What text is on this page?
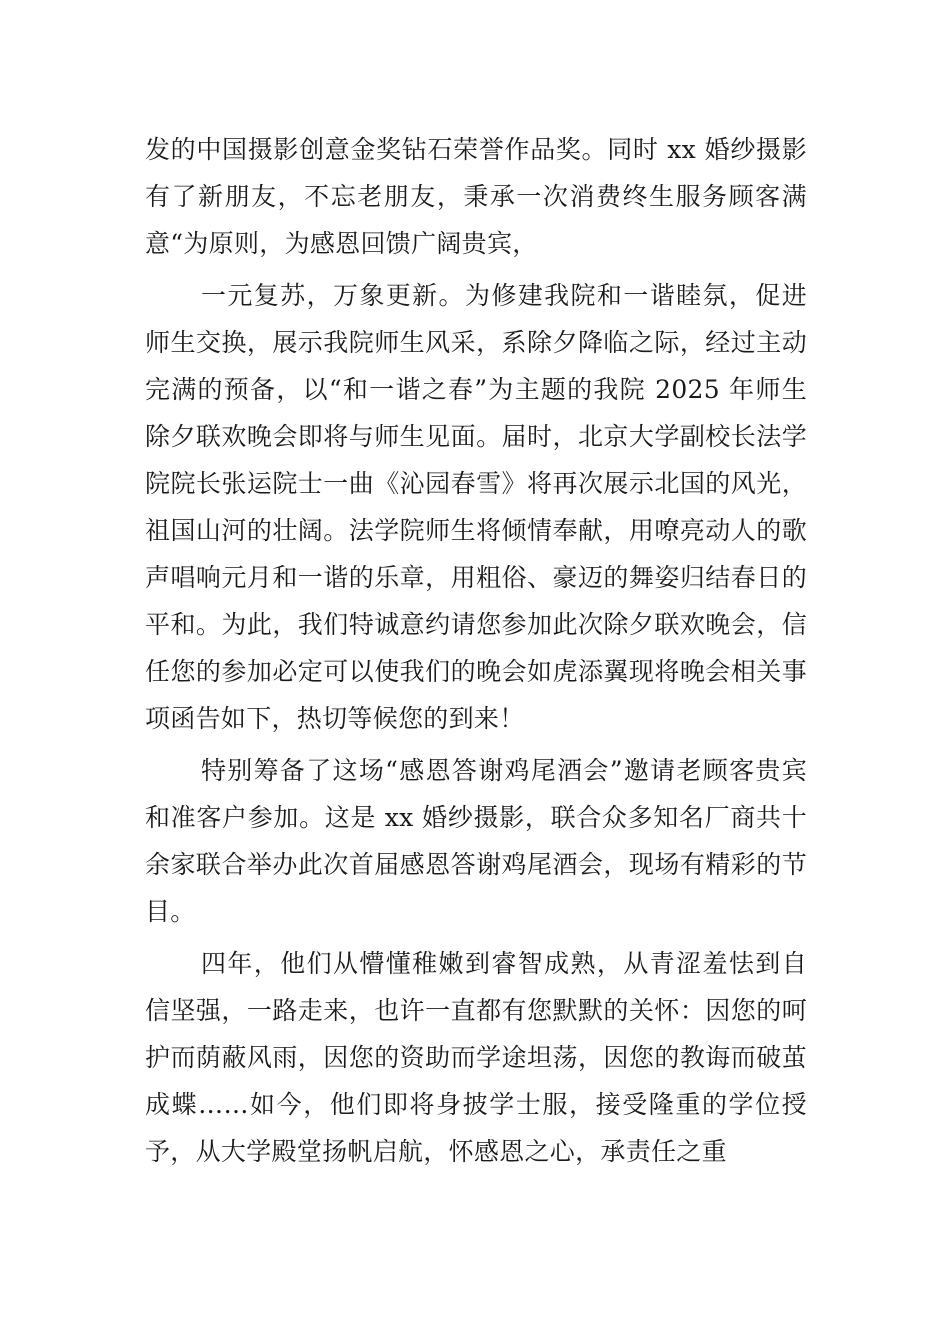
发的中国摄影创意金奖钻石荣誉作品奖。同时 xx 婚纱摄影有了新朋友，不忘老朋友，秉承一次消费终生服务顾客满意“为原则，为感恩回馈广阔贵宾，

一元复苏，万象更新。为修建我院和一谐睦氛，促进师生交换，展示我院师生风采，系除夕降临之际，经过主动完满的预备，以“和一谐之春”为主题的我院 2025 年师生除夕联欢晚会即将与师生见面。届时，北京大学副校长法学院院长张运院士一曲《沁园春雪》将再次展示北国的风光，祖国山河的壮阔。法学院师生将倾情奉献，用嘹亮动人的歌声唱响元月和一谐的乐章，用粗俗、豪迈的舞姿归结春日的平和。为此，我们特诚意约请您参加此次除夕联欢晚会，信任您的参加必定可以使我们的晚会如虎添翼现将晚会相关事项函告如下，热切等候您的到来！

特别筹备了这场“感恩答谢鸡尾酒会”邀请老顾客贵宾和准客户参加。这是 xx 婚纱摄影，联合众多知名厂商共十余家联合举办此次首届感恩答谢鸡尾酒会，现场有精彩的节目。

四年，他们从懵懂稚嫩到睿智成熟，从青涩羞怯到自信坚强，一路走来，也许一直都有您默默的关怀：因您的呵护而荫蔽风雨，因您的资助而学途坦荡，因您的教诲而破茧成蝶……如今，他们即将身披学士服，接受隆重的学位授予，从大学殿堂扬帆启航，怀感恩之心，承责任之重
